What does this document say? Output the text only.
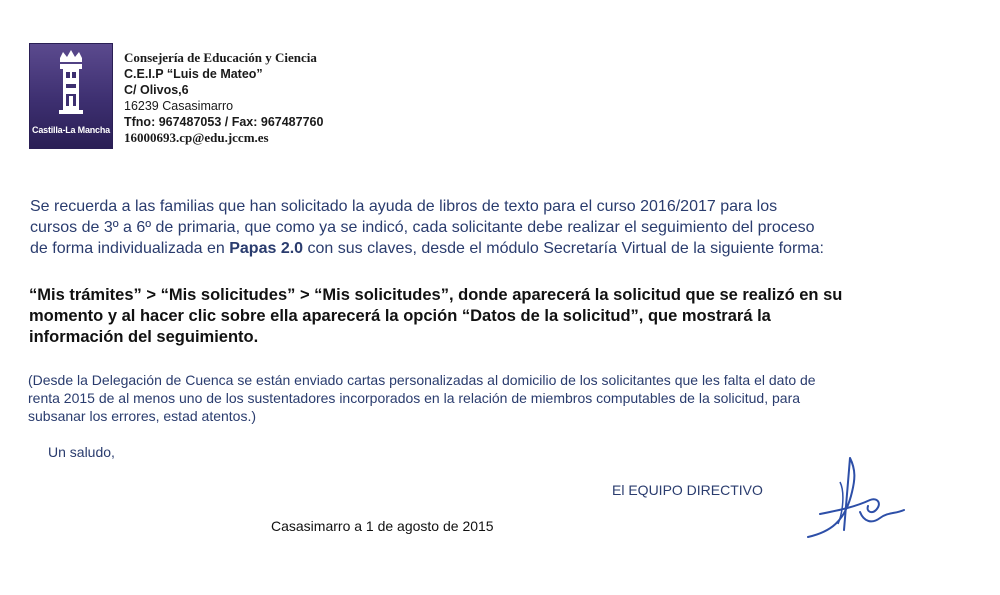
Castilla-La Mancha
Consejería de Educación y Ciencia
C.E.I.P “Luis de Mateo”
C/ Olivos,6
16239 Casasimarro
Tfno: 967487053 / Fax: 967487760
16000693.cp@edu.jccm.es
Se recuerda a las familias que han solicitado la ayuda de libros de texto para el curso 2016/2017 para los
cursos de 3º a 6º de primaria, que como ya se indicó, cada solicitante debe realizar el seguimiento del proceso
de forma individualizada en Papas 2.0 con sus claves, desde el módulo Secretaría Virtual de la siguiente forma:
“Mis trámites” > “Mis solicitudes” > “Mis solicitudes”, donde aparecerá la solicitud que se realizó en su
momento y al hacer clic sobre ella aparecerá la opción “Datos de la solicitud”, que mostrará la
información del seguimiento.
(Desde la Delegación de Cuenca se están enviado cartas personalizadas al domicilio de los solicitantes que les falta el dato de
renta 2015 de al menos uno de los sustentadores incorporados en la relación de miembros computables de la solicitud, para
subsanar los errores, estad atentos.)
Un saludo,
El EQUIPO DIRECTIVO
Casasimarro a 1 de agosto de 2015
